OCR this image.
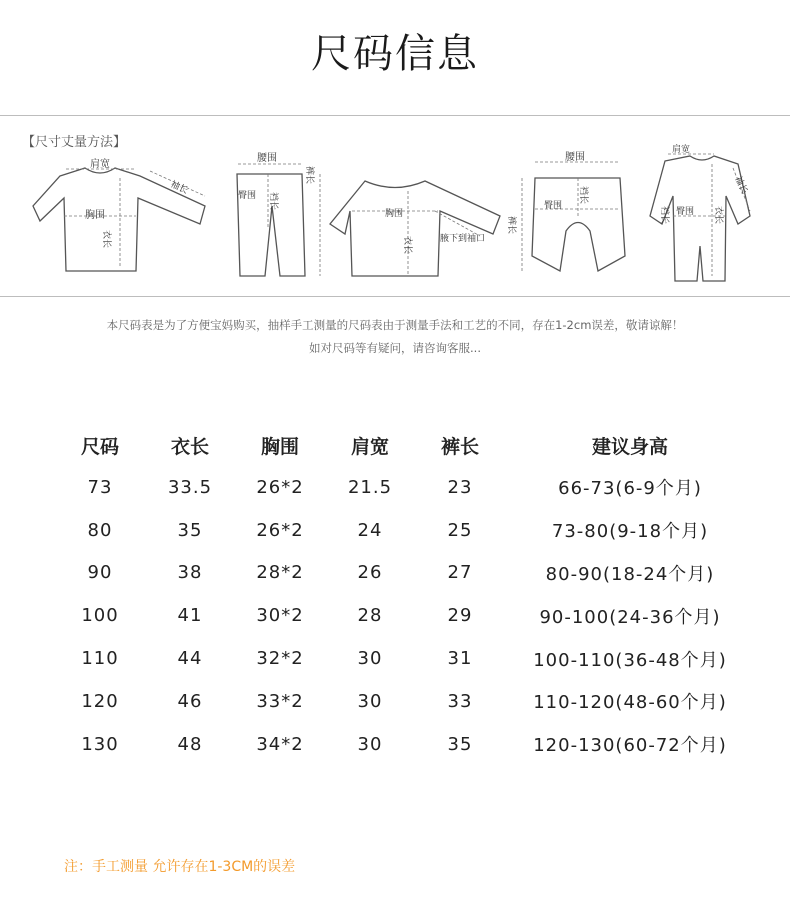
尺码信息
【尺寸丈量方法】
肩宽
胸围
衣长
袖长
腰围
臀围 裆长
裤长
胸围
衣长	腋下到袖口
腰围
裆长
臀围
裤长
肩宽
裆长 臀围 衣长
袖长
本尺码表是为了方便宝妈购买，抽样手工测量的尺码表由于测量手法和工艺的不同，存在1-2cm误差，敬请谅解！
如对尺码等有疑问，请咨询客服...
尺码	衣长	胸围	肩宽	裤长	建议身高
73	33.5	26*2	21.5	23	66-73(6-9个月)
80	35	26*2	24	25	73-80(9-18个月)
90	38	28*2	26	27	80-90(18-24个月)
100	41	30*2	28	29	90-100(24-36个月)
110	44	32*2	30	31	100-110(36-48个月)
120	46	33*2	30	33	110-120(48-60个月)
130	48	34*2	30	35	120-130(60-72个月)
注：手工测量 允许存在1-3CM的误差
